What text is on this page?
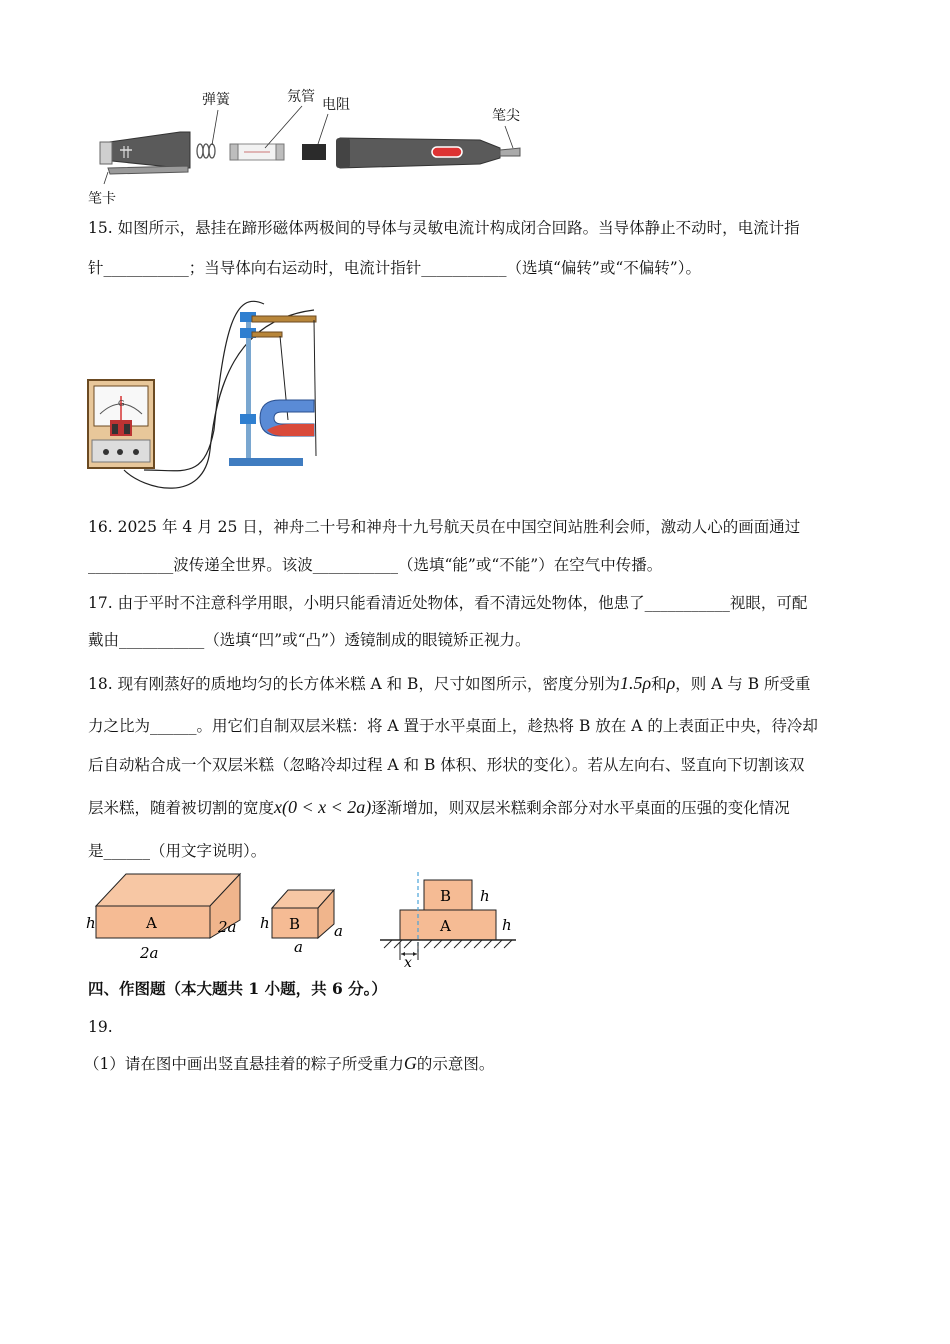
弹簧	氖管 电阻
笔尖
笔卡
15. 如图所示，悬挂在蹄形磁体两极间的导体与灵敏电流计构成闭合回路。当导体静止不动时，电流计指
针___________；当导体向右运动时，电流计指针___________（选填“偏转”或“不偏转”）。
G
16. 2025 年 4 月 25 日，神舟二十号和神舟十九号航天员在中国空间站胜利会师，激动人心的画面通过
___________波传递全世界。该波___________（选填“能”或“不能”）在空气中传播。
17. 由于平时不注意科学用眼，小明只能看清近处物体，看不清远处物体，他患了___________视眼，可配
戴由___________（选填“凹”或“凸”）透镜制成的眼镜矫正视力。
18. 现有刚蒸好的质地均匀的长方体米糕 A 和 B，尺寸如图所示，密度分别为1.5ρ和ρ，则 A 与 B 所受重
力之比为______。用它们自制双层米糕：将 A 置于水平桌面上，趁热将 B 放在 A 的上表面正中央，待冷却
后自动粘合成一个双层米糕（忽略冷却过程 A 和 B 体积、形状的变化）。若从左向右、竖直向下切割该双
层米糕，随着被切割的宽度x(0 < x < 2a)逐渐增加，则双层米糕剩余部分对水平桌面的压强的变化情况
是______（用文字说明）。
A
h	2a
2a
B
h	a
a
B
A
h
h
x
四、作图题（本大题共 1 小题，共 6 分。）
19.
（1）请在图中画出竖直悬挂着的粽子所受重力G的示意图。
